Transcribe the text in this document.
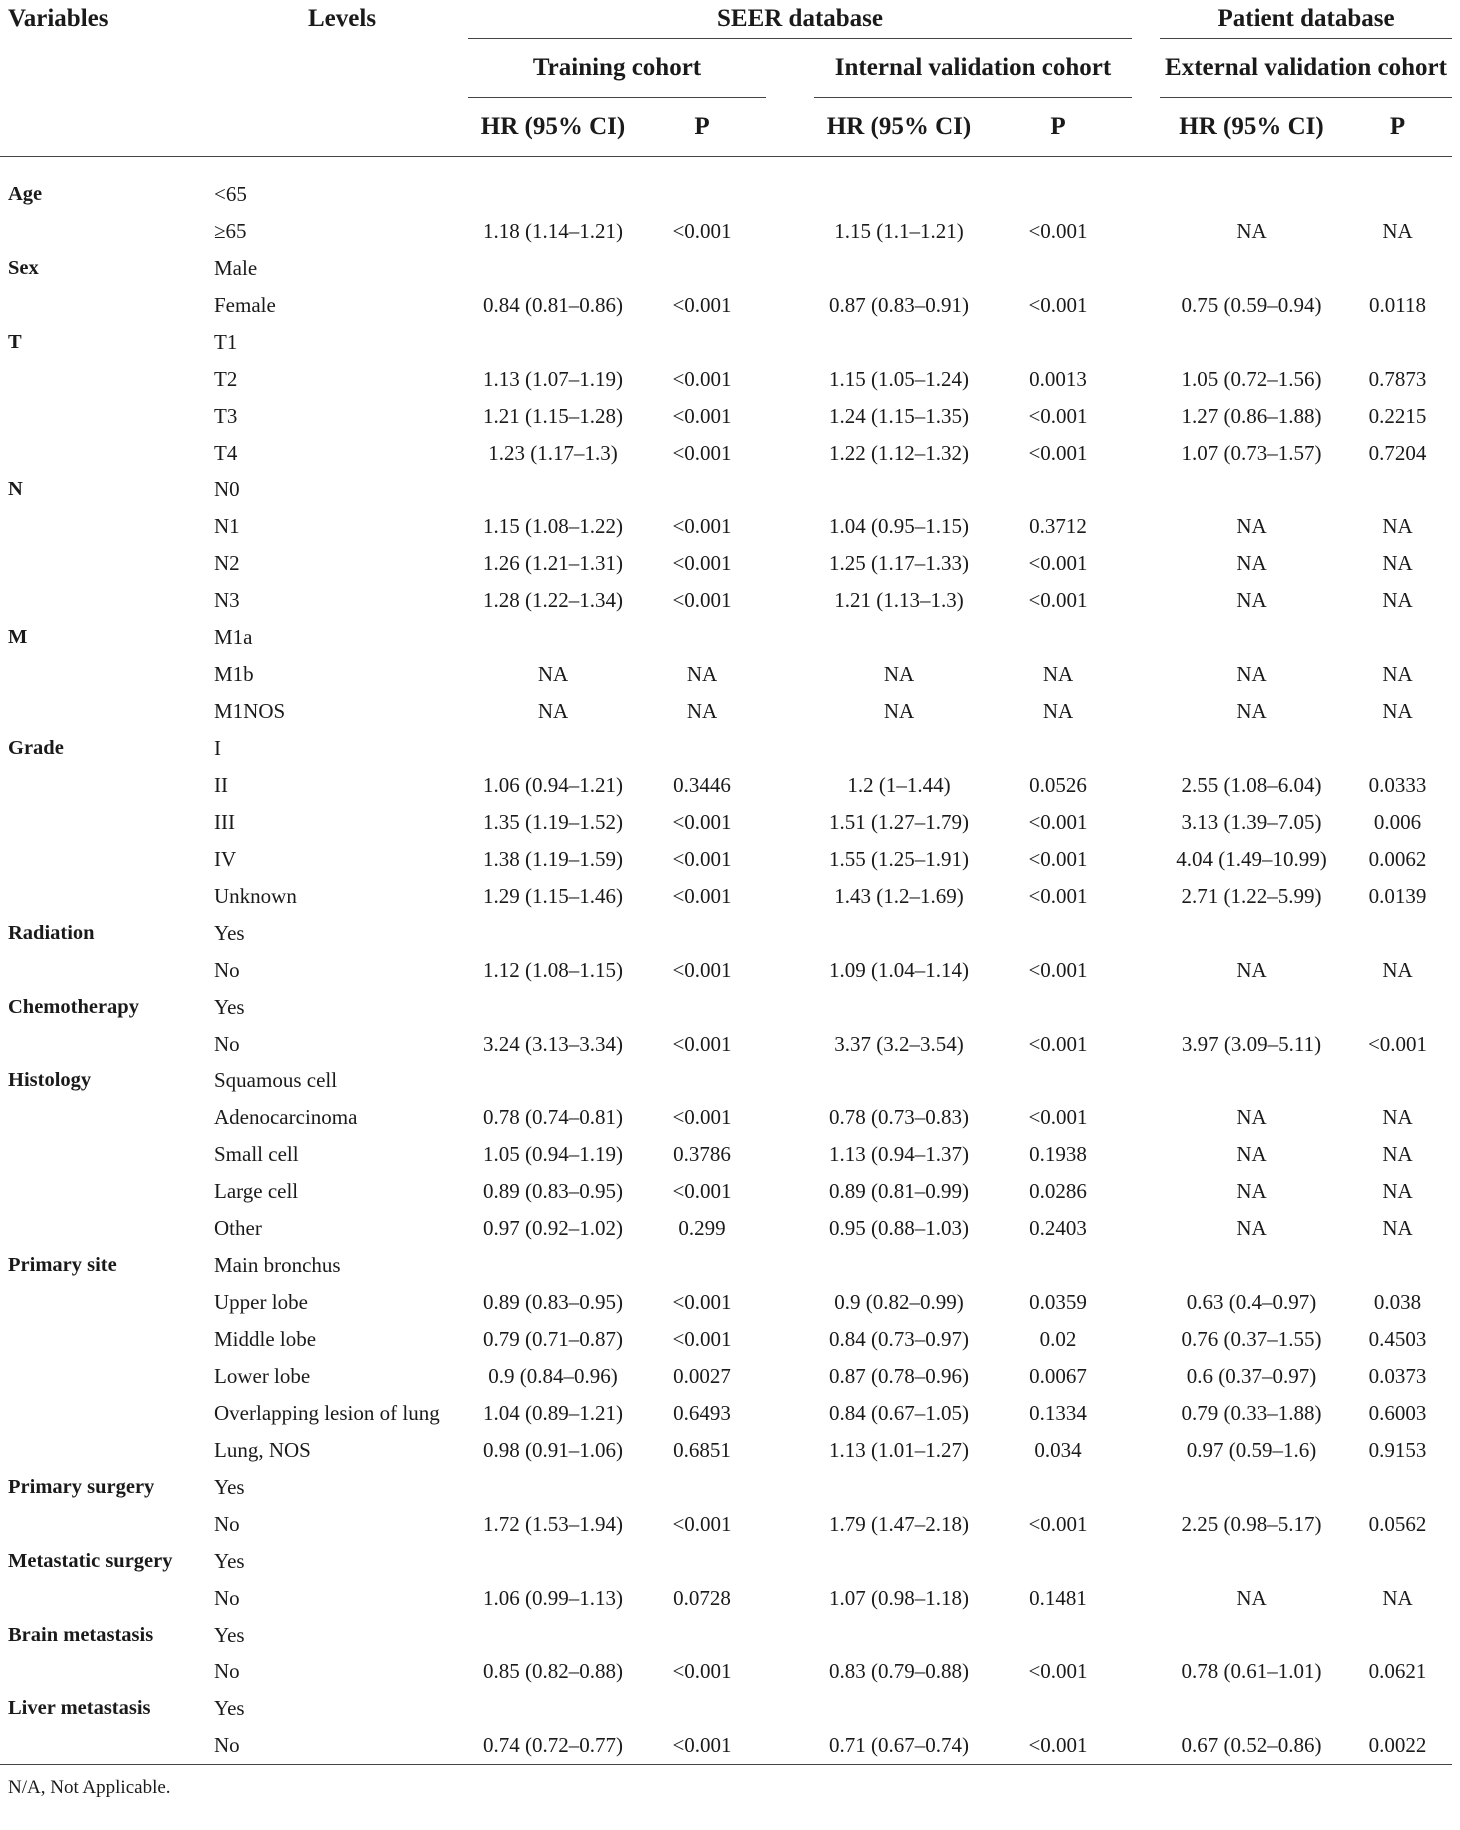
Variables	Levels	SEER database						Patient database	
		Training cohort			Internal validation cohort			External validation cohort	
		HR (95% CI)	P		HR (95% CI)	P		HR (95% CI)	P

Age	<65								
	≥65	1.18 (1.14–1.21)	<0.001		1.15 (1.1–1.21)	<0.001		NA	NA
Sex	Male								
	Female	0.84 (0.81–0.86)	<0.001		0.87 (0.83–0.91)	<0.001		0.75 (0.59–0.94)	0.0118
T	T1								
	T2	1.13 (1.07–1.19)	<0.001		1.15 (1.05–1.24)	0.0013		1.05 (0.72–1.56)	0.7873
	T3	1.21 (1.15–1.28)	<0.001		1.24 (1.15–1.35)	<0.001		1.27 (0.86–1.88)	0.2215
	T4	1.23 (1.17–1.3)	<0.001		1.22 (1.12–1.32)	<0.001		1.07 (0.73–1.57)	0.7204
N	N0								
	N1	1.15 (1.08–1.22)	<0.001		1.04 (0.95–1.15)	0.3712		NA	NA
	N2	1.26 (1.21–1.31)	<0.001		1.25 (1.17–1.33)	<0.001		NA	NA
	N3	1.28 (1.22–1.34)	<0.001		1.21 (1.13–1.3)	<0.001		NA	NA
M	M1a								
	M1b	NA	NA		NA	NA		NA	NA
	M1NOS	NA	NA		NA	NA		NA	NA
Grade	I								
	II	1.06 (0.94–1.21)	0.3446		1.2 (1–1.44)	0.0526		2.55 (1.08–6.04)	0.0333
	III	1.35 (1.19–1.52)	<0.001		1.51 (1.27–1.79)	<0.001		3.13 (1.39–7.05)	0.006
	IV	1.38 (1.19–1.59)	<0.001		1.55 (1.25–1.91)	<0.001		4.04 (1.49–10.99)	0.0062
	Unknown	1.29 (1.15–1.46)	<0.001		1.43 (1.2–1.69)	<0.001		2.71 (1.22–5.99)	0.0139
Radiation	Yes								
	No	1.12 (1.08–1.15)	<0.001		1.09 (1.04–1.14)	<0.001		NA	NA
Chemotherapy	Yes								
	No	3.24 (3.13–3.34)	<0.001		3.37 (3.2–3.54)	<0.001		3.97 (3.09–5.11)	<0.001
Histology	Squamous cell								
	Adenocarcinoma	0.78 (0.74–0.81)	<0.001		0.78 (0.73–0.83)	<0.001		NA	NA
	Small cell	1.05 (0.94–1.19)	0.3786		1.13 (0.94–1.37)	0.1938		NA	NA
	Large cell	0.89 (0.83–0.95)	<0.001		0.89 (0.81–0.99)	0.0286		NA	NA
	Other	0.97 (0.92–1.02)	0.299		0.95 (0.88–1.03)	0.2403		NA	NA
Primary site	Main bronchus								
	Upper lobe	0.89 (0.83–0.95)	<0.001		0.9 (0.82–0.99)	0.0359		0.63 (0.4–0.97)	0.038
	Middle lobe	0.79 (0.71–0.87)	<0.001		0.84 (0.73–0.97)	0.02		0.76 (0.37–1.55)	0.4503
	Lower lobe	0.9 (0.84–0.96)	0.0027		0.87 (0.78–0.96)	0.0067		0.6 (0.37–0.97)	0.0373
	Overlapping lesion of lung	1.04 (0.89–1.21)	0.6493		0.84 (0.67–1.05)	0.1334		0.79 (0.33–1.88)	0.6003
	Lung, NOS	0.98 (0.91–1.06)	0.6851		1.13 (1.01–1.27)	0.034		0.97 (0.59–1.6)	0.9153
Primary surgery	Yes								
	No	1.72 (1.53–1.94)	<0.001		1.79 (1.47–2.18)	<0.001		2.25 (0.98–5.17)	0.0562
Metastatic surgery	Yes								
	No	1.06 (0.99–1.13)	0.0728		1.07 (0.98–1.18)	0.1481		NA	NA
Brain metastasis	Yes								
	No	0.85 (0.82–0.88)	<0.001		0.83 (0.79–0.88)	<0.001		0.78 (0.61–1.01)	0.0621
Liver metastasis	Yes								
	No	0.74 (0.72–0.77)	<0.001		0.71 (0.67–0.74)	<0.001		0.67 (0.52–0.86)	0.0022
N/A, Not Applicable.
